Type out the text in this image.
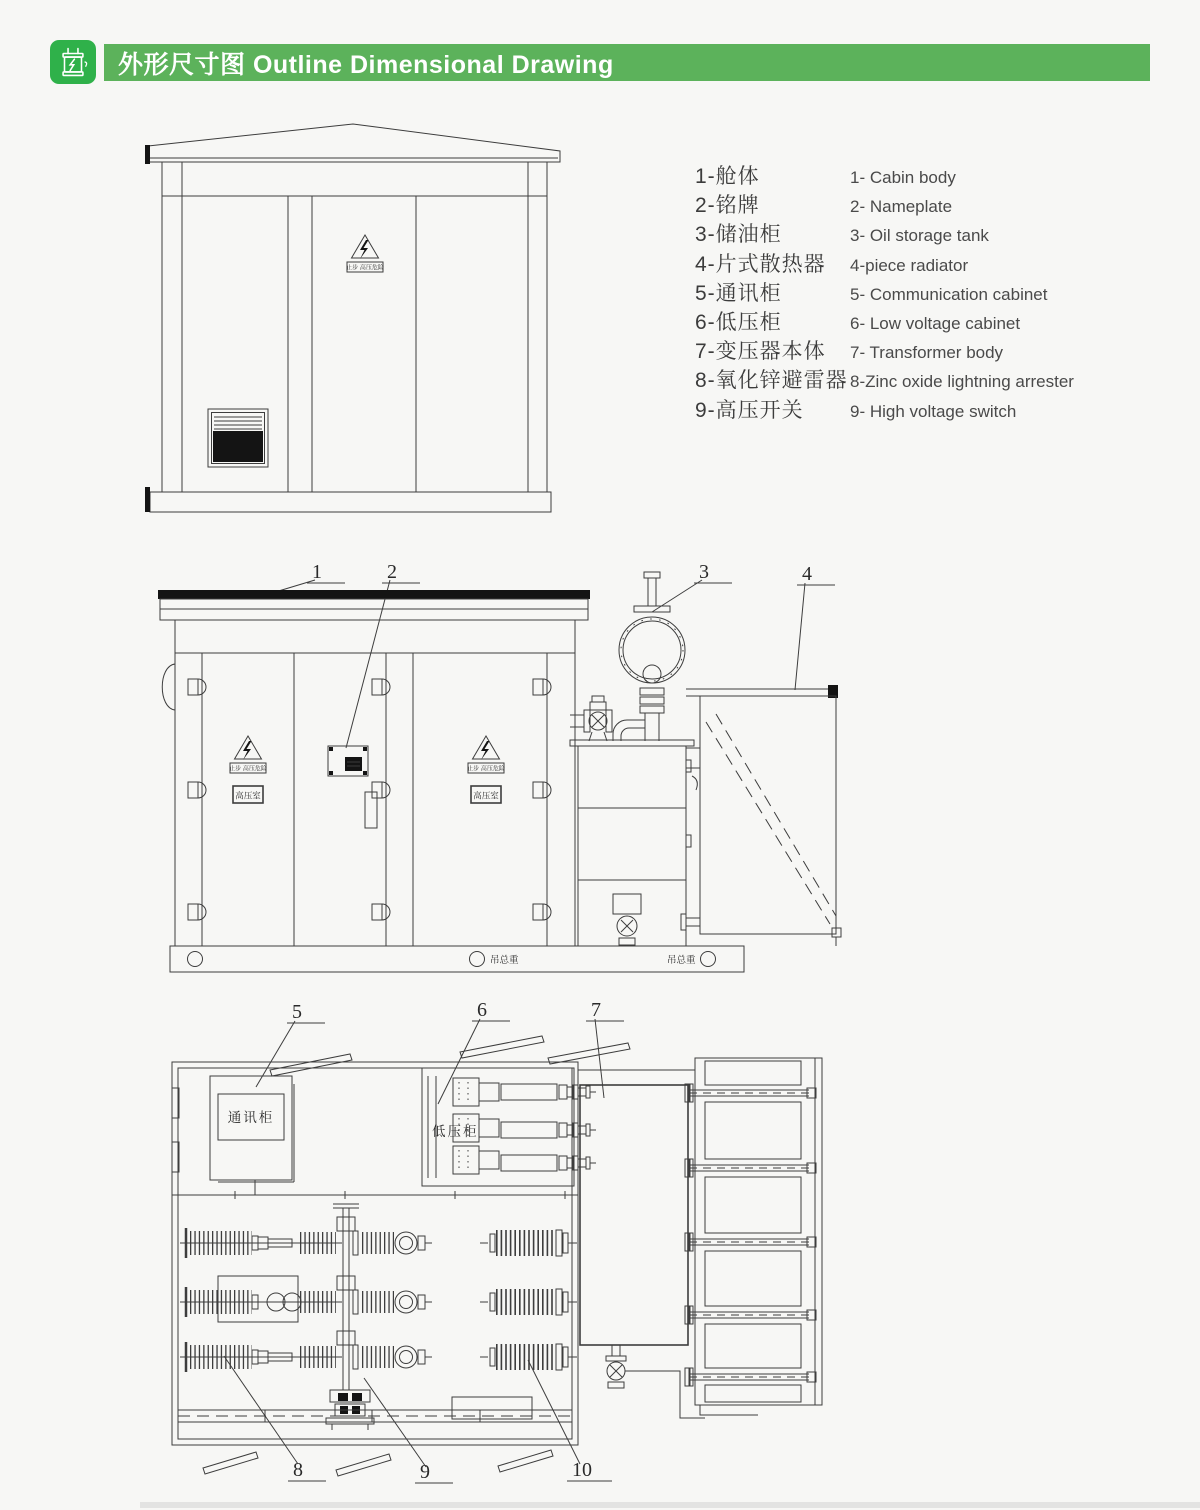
外形尺寸图 Outline Dimensional Drawing
1-舱体	1- Cabin body
2-铭牌	2- Nameplate
3-储油柜	3- Oil storage tank
4-片式散热器	4-piece radiator
5-通讯柜	5- Communication cabinet
6-低压柜	6- Low voltage cabinet
7-变压器本体	7- Transformer body
8-氧化锌避雷器 8-Zinc oxide lightning arrester
9-高压开关	9- High voltage switch
止步 高压危险
1	2	3	4
止步 高压危险
高压室
止步 高压危险
高压室
吊总重	吊总重
5	6	7
8	9	10
通讯柜
低压柜
